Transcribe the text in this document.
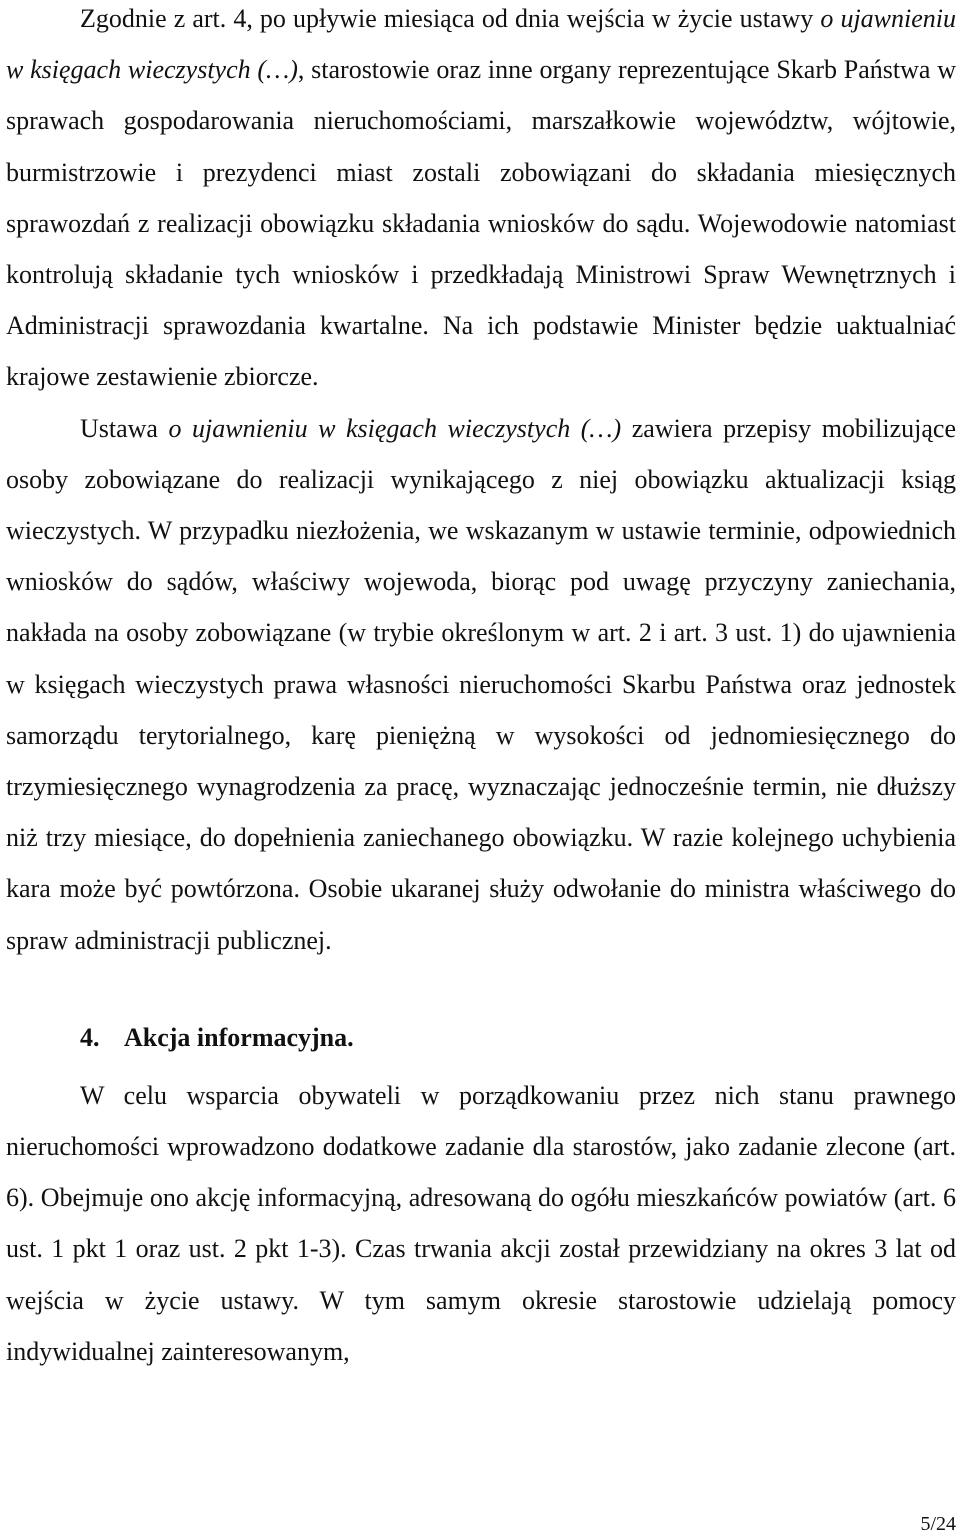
Zgodnie z art. 4, po upływie miesiąca od dnia wejścia w życie ustawy o ujawnieniu w księgach wieczystych (…), starostowie oraz inne organy reprezentujące Skarb Państwa w sprawach gospodarowania nieruchomościami, marszałkowie województw, wójtowie, burmistrzowie i prezydenci miast zostali zobowiązani do składania miesięcznych sprawozdań z realizacji obowiązku składania wniosków do sądu. Wojewodowie natomiast kontrolują składanie tych wniosków i przedkładają Ministrowi Spraw Wewnętrznych i Administracji sprawozdania kwartalne. Na ich podstawie Minister będzie uaktualniać krajowe zestawienie zbiorcze.

Ustawa o ujawnieniu w księgach wieczystych (…) zawiera przepisy mobilizujące osoby zobowiązane do realizacji wynikającego z niej obowiązku aktualizacji ksiąg wieczystych. W przypadku niezłożenia, we wskazanym w ustawie terminie, odpowiednich wniosków do sądów, właściwy wojewoda, biorąc pod uwagę przyczyny zaniechania, nakłada na osoby zobowiązane (w trybie określonym w art. 2 i art. 3 ust. 1) do ujawnienia w księgach wieczystych prawa własności nieruchomości Skarbu Państwa oraz jednostek samorządu terytorialnego, karę pieniężną w wysokości od jednomiesięcznego do trzymiesięcznego wynagrodzenia za pracę, wyznaczając jednocześnie termin, nie dłuższy niż trzy miesiące, do dopełnienia zaniechanego obowiązku. W razie kolejnego uchybienia kara może być powtórzona. Osobie ukaranej służy odwołanie do ministra właściwego do spraw administracji publicznej.

4. Akcja informacyjna.

W celu wsparcia obywateli w porządkowaniu przez nich stanu prawnego nieruchomości wprowadzono dodatkowe zadanie dla starostów, jako zadanie zlecone (art. 6). Obejmuje ono akcję informacyjną, adresowaną do ogółu mieszkańców powiatów (art. 6 ust. 1 pkt 1 oraz ust. 2 pkt 1-3). Czas trwania akcji został przewidziany na okres 3 lat od wejścia w życie ustawy. W tym samym okresie starostowie udzielają pomocy indywidualnej zainteresowanym,

5/24
